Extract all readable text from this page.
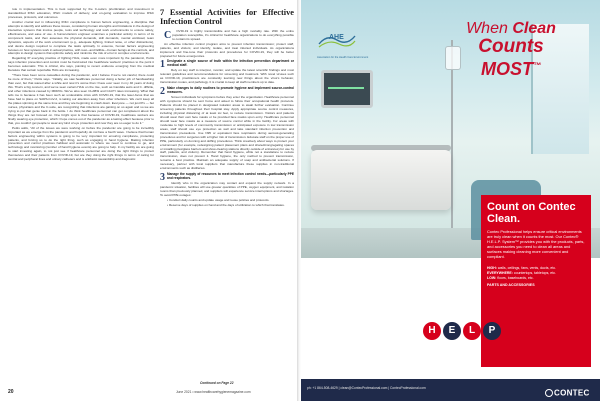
role in implementation. This is best supported by the C-suite's prioritization and investment in standardized IP&C education, IP&C models of delivery, and on-going evaluation to improve IP&C processes, protocols, and outcomes.

Another crucial tool in influencing IP&C compliance is human factors engineering, a discipline that attempts to identify and address these issues, considering human strengths and limitations in the design of interactive systems that involve people, tools and technology and work environments to ensure safety, effectiveness, and ease of use. A human-factors engineer examines a particular activity in terms of its component tasks, and then assesses the physical demands, skill demands, mental workload, team dynamics, aspects of the work environment (e.g., adequate lighting, limited noise, or other distractions), and device design required to complete the tasks optimally. In essence, human factors engineering focuses on how systems work in actual practice, with real—and fallible—human beings at the controls, and attempts to design systems that optimize safety and minimize the risk of error in complex environments.

Regarding IP everyday practice of fighting HAIs, made even more important by the pandemic, Pettis says infection prevention and control must be hard-wired into healthcare workers' practices to the point it becomes automatic. This is critical, she says, pointing to recent evidence emerging from the medical literature that certain reportable HAIs are increasing.

"There have been some casualties during the pandemic, and I believe if we're not careful, there could be more of them," Pettis says. "Initially, we saw healthcare personnel doing a better job of handwashing than ever, but that waned after a while and now it's worse than I have ever seen in my 40 years of doing this. That's a big concern, and we've seen certain HAIs on the rise, such as Candida auris and C. difficile, and other infections caused by MDROs. We've also seen CLABSI and CAUTI rates increasing. What that tells me is because it has been such an undesirable crisis with COVID-19, that the laser-focus that we have had to place on SARS-CoV-2, is taking our attention away from other infections. We can't keep all the plates spinning at the same time and they are beginning to crash down. Everyone — not just IPs — but nurses, physicians and the C-suite, are recognizing that infections are gaining on us again and so we are trying to put that genie back in the bottle. I do think healthcare personnel can get complacent about the things they are not focused on. One bright spot is that because of COVID-19, healthcare workers are finally wearing eye protection, which I hope comes out of the pandemic as a lasting effect because prior to that, you couldn't get people to wear any kind of eye protection and now they are so eager to do it."

Pettis adds, "All of the issues we were working on before the pandemic are going to be incredibly important as we emerge from the pandemic and hopefully do not face a fourth wave. I believe that human factors engineering within systems is going to be very important for ensuring compliance, protecting patients, and forcing us to do the right thing, such as engaging in hand hygiene. Making infection prevention and control practices habitual and automatic is where we need to continue to go, and technology and monitoring (number of hand hygiene events) are going to help. In my facility we are going to start investing again, to not just see if healthcare personnel are doing the right things to protect themselves and their patients from COVID-19, but are they doing the right things in terms of caring for central and peripheral lines and urinary catheters and is antibiotic stewardship and diagnostic

7 Essential Activities for Effective Infection Control

C OVID-19 is highly transmissible and has a high mortality rate. With the entire population susceptible, it's critical for healthcare organizations to do everything possible to contain its spread.

An effective infection control program aims to prevent infection transmission; protect staff, patients, and visitors; and identify, isolate, and treat infected individuals. As organizations implement and fine-tune their protocols and procedures for COVID-19, they will be better prepared for future emergencies.

1 Designate a single source of truth within the infection prevention department or medical staff.

Rely on key staff to interpret, monitor, and update the latest scientific findings and most relevant guidelines and recommendations for screening and treatment. With novel viruses such as COVID-19, practitioners are constantly learning new things about the virus's behavior, transmission routes, and pathology. It is crucial to keep all staff members up to date.

2 Make changes to daily routines to promote hygiene and implement source-control measures.

Screen individuals for symptoms before they enter the organization. Healthcare personnel with symptoms should be sent home and asked to follow their occupational health protocols. Patients should be placed in designated isolation areas to await further evaluation. Continue screening patients throughout their hospital stay. Apply appropriate source control measures, including physical distancing of at least six feet, to reduce transmission. Visitors and patients should wear their own face masks or be provided face masks upon entry. Healthcare personnel should wear face masks as a measure of source control while in the facility. For areas with moderate to high levels of community transmission or anticipated exposure in low transmission areas, staff should use eye protection as well and take standard infection prevention and transmission precautions. Use N95 or equivalent face respirators during aerosol-generating procedures and for surgeries with a higher risk of transmission. Educate staff on the proper use of PPE, particularly on donning and doffing procedures. Think creatively about ways to protect your environment (for example, redesigning patient placement plans and shared/congregating spaces or installing plexiglass barriers and show-clearing stations directly outside of entrances) for use by staff, patients, and visitors). Remember that hand hygiene, while not a standalone to reduce transmission, does not prevent it. Hand hygiene, the only method to prevent transmission, remains a best practice. Maintain an adequate supply of soap and antibacterial solutions. If necessary, partner with local suppliers that manufacture these supplies in non-traditional environments such as distilleries.

3 Manage the supply of resources to meet infection control needs—particularly PPE and respirators.

Identify who in the organization may contact and expand the supply network. In a pandemic situation, facilities will use greater quantities of PPE, oxygen equipment, and isolation rooms than previously planned, and suppliers will experience service interruptions and shortages. To avoid PPE outages:

• Conduct daily counts and update usage and reuse policies and protocols.

• Reserve days of supplies on hand and the days of utilization to which that translates.

Continued on Page 22
20	June 2021 • www.healthcarehygienemagazine.com
AHE
Association for the Health Care Environment
When Clean
Counts
MOST™
Count on Contec Clean.

Contec Professional helps ensure critical environments are truly clean when it counts the most. Our Contec® H.E.L.P. System™ provides you with the products, parts, and accessories you need to clean all areas and surfaces making cleaning more convenient and compliant.

HIGH: walls, ceilings, fans, vents, ducts, etc.
EVERYWHERE: countertops, tabletops, etc.
LOW: floors, baseboards, etc.
PARTS AND ACCESSORIES
H	E	L	P
ph: +1 864-508-4629 | clean@ContecProfessional.com | ContecProfessional.com
CONTEC
PROFESSIONAL
